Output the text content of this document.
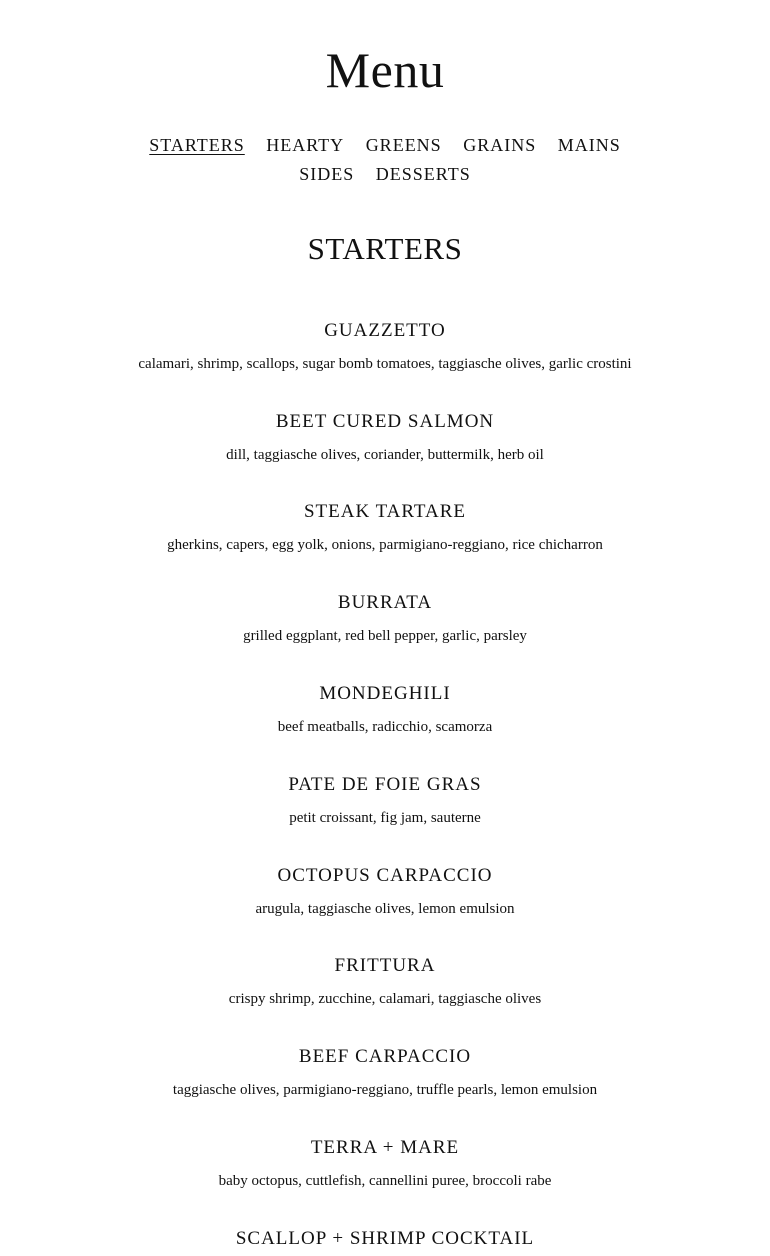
Menu
STARTERS HEARTY GREENS GRAINS MAINS SIDES DESSERTS
STARTERS
GUAZZETTO
calamari, shrimp, scallops, sugar bomb tomatoes, taggiasche olives, garlic crostini
BEET CURED SALMON
dill, taggiasche olives, coriander, buttermilk, herb oil
STEAK TARTARE
gherkins, capers, egg yolk, onions, parmigiano-reggiano, rice chicharron
BURRATA
grilled eggplant, red bell pepper, garlic, parsley
MONDEGHILI
beef meatballs, radicchio, scamorza
PATE DE FOIE GRAS
petit croissant, fig jam, sauterne
OCTOPUS CARPACCIO
arugula, taggiasche olives, lemon emulsion
FRITTURA
crispy shrimp, zucchine, calamari, taggiasche olives
BEEF CARPACCIO
taggiasche olives, parmigiano-reggiano, truffle pearls, lemon emulsion
TERRA + MARE
baby octopus, cuttlefish, cannellini puree, broccoli rabe
SCALLOP + SHRIMP COCKTAIL
